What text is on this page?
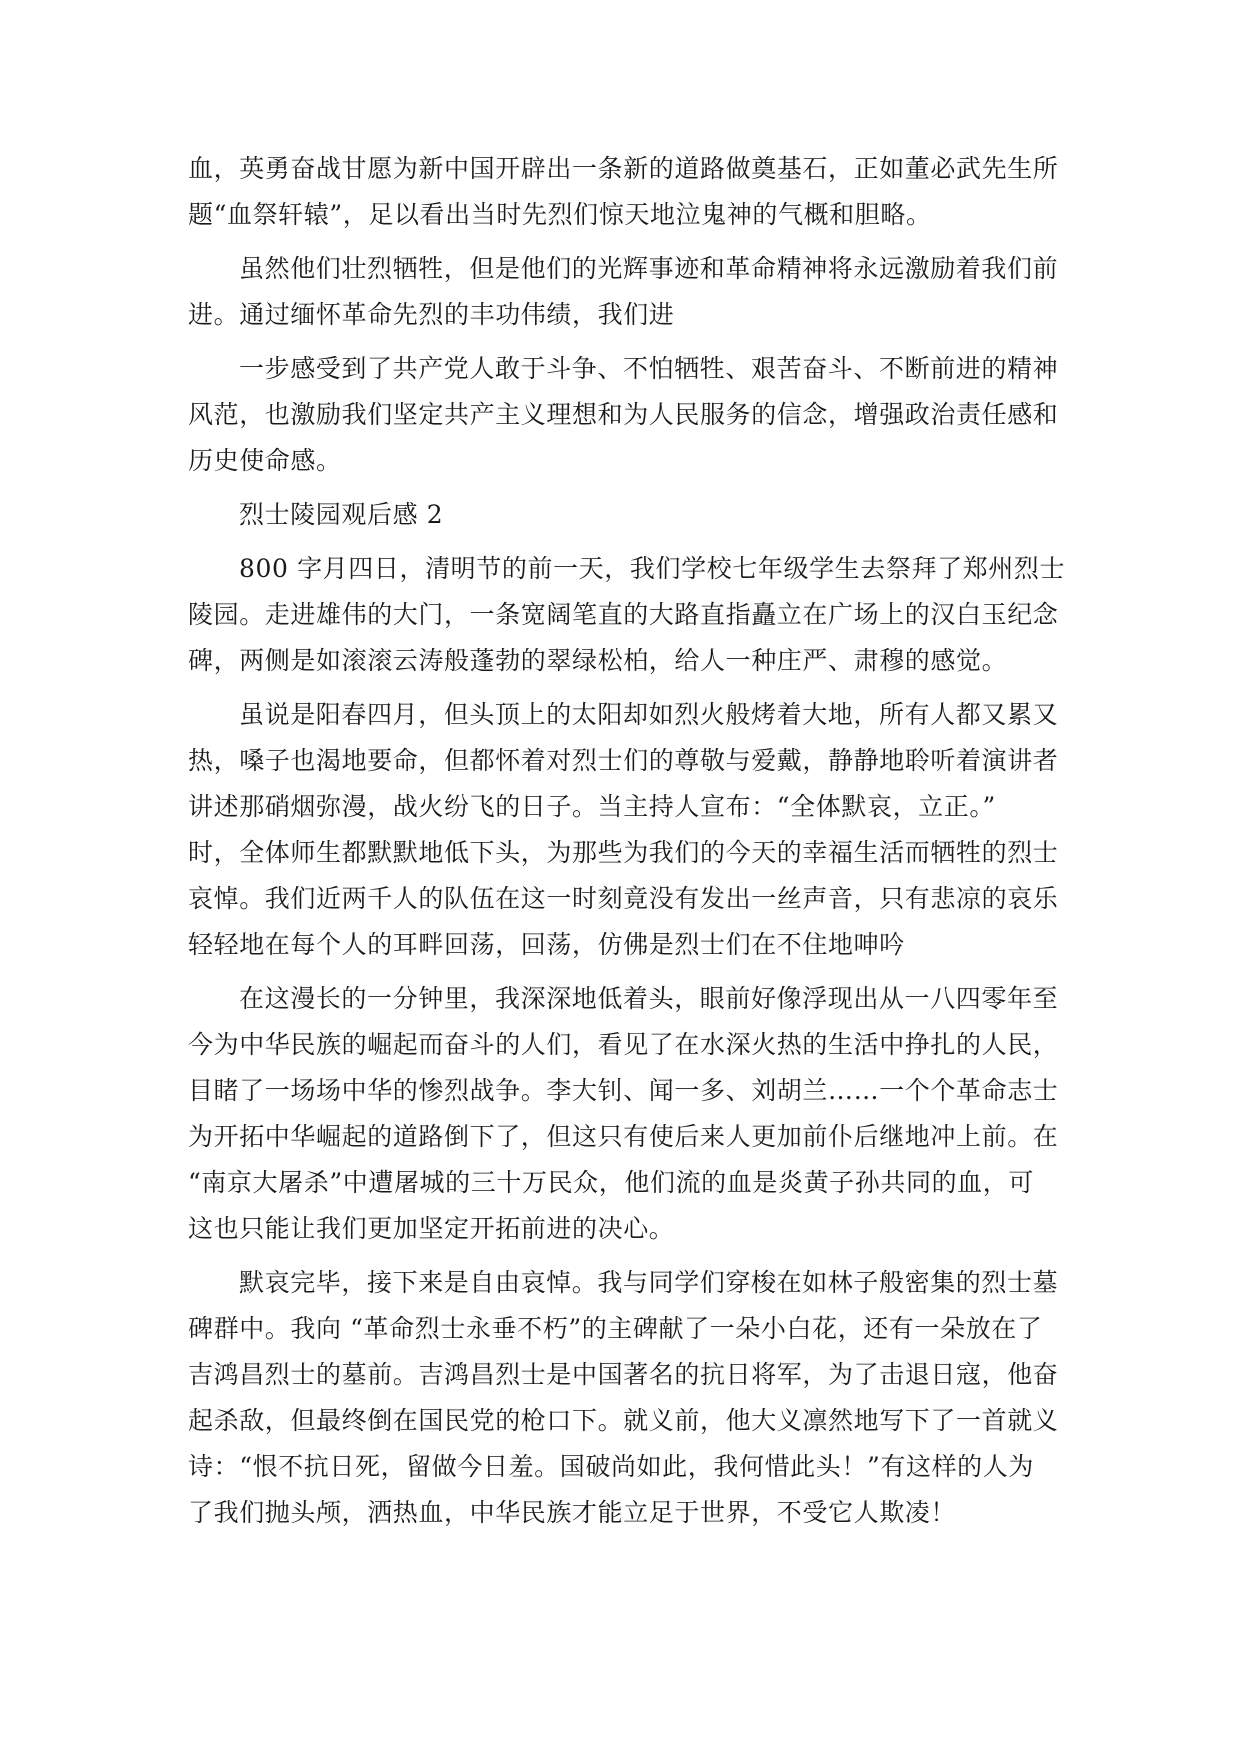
血，英勇奋战甘愿为新中国开辟出一条新的道路做奠基石，正如董必武先生所
题“血祭轩辕”，足以看出当时先烈们惊天地泣鬼神的气概和胆略。
虽然他们壮烈牺牲，但是他们的光辉事迹和革命精神将永远激励着我们前
进。通过缅怀革命先烈的丰功伟绩，我们进
一步感受到了共产党人敢于斗争、不怕牺牲、艰苦奋斗、不断前进的精神
风范，也激励我们坚定共产主义理想和为人民服务的信念，增强政治责任感和
历史使命感。
烈士陵园观后感 2
800 字月四日，清明节的前一天，我们学校七年级学生去祭拜了郑州烈士
陵园。走进雄伟的大门，一条宽阔笔直的大路直指矗立在广场上的汉白玉纪念
碑，两侧是如滚滚云涛般蓬勃的翠绿松柏，给人一种庄严、肃穆的感觉。
虽说是阳春四月，但头顶上的太阳却如烈火般烤着大地，所有人都又累又
热，嗓子也渴地要命，但都怀着对烈士们的尊敬与爱戴，静静地聆听着演讲者
讲述那硝烟弥漫，战火纷飞的日子。当主持人宣布：“全体默哀，立正。”
时，全体师生都默默地低下头，为那些为我们的今天的幸福生活而牺牲的烈士
哀悼。我们近两千人的队伍在这一时刻竟没有发出一丝声音，只有悲凉的哀乐
轻轻地在每个人的耳畔回荡，回荡，仿佛是烈士们在不住地呻吟
在这漫长的一分钟里，我深深地低着头，眼前好像浮现出从一八四零年至
今为中华民族的崛起而奋斗的人们，看见了在水深火热的生活中挣扎的人民，
目睹了一场场中华的惨烈战争。李大钊、闻一多、刘胡兰……一个个革命志士
为开拓中华崛起的道路倒下了，但这只有使后来人更加前仆后继地冲上前。在
“南京大屠杀”中遭屠城的三十万民众，他们流的血是炎黄子孙共同的血，可
这也只能让我们更加坚定开拓前进的决心。
默哀完毕，接下来是自由哀悼。我与同学们穿梭在如林子般密集的烈士墓
碑群中。我向 “革命烈士永垂不朽”的主碑献了一朵小白花，还有一朵放在了
吉鸿昌烈士的墓前。吉鸿昌烈士是中国著名的抗日将军，为了击退日寇，他奋
起杀敌，但最终倒在国民党的枪口下。就义前，他大义凛然地写下了一首就义
诗：“恨不抗日死，留做今日羞。国破尚如此，我何惜此头！”有这样的人为
了我们抛头颅，洒热血，中华民族才能立足于世界，不受它人欺凌！
